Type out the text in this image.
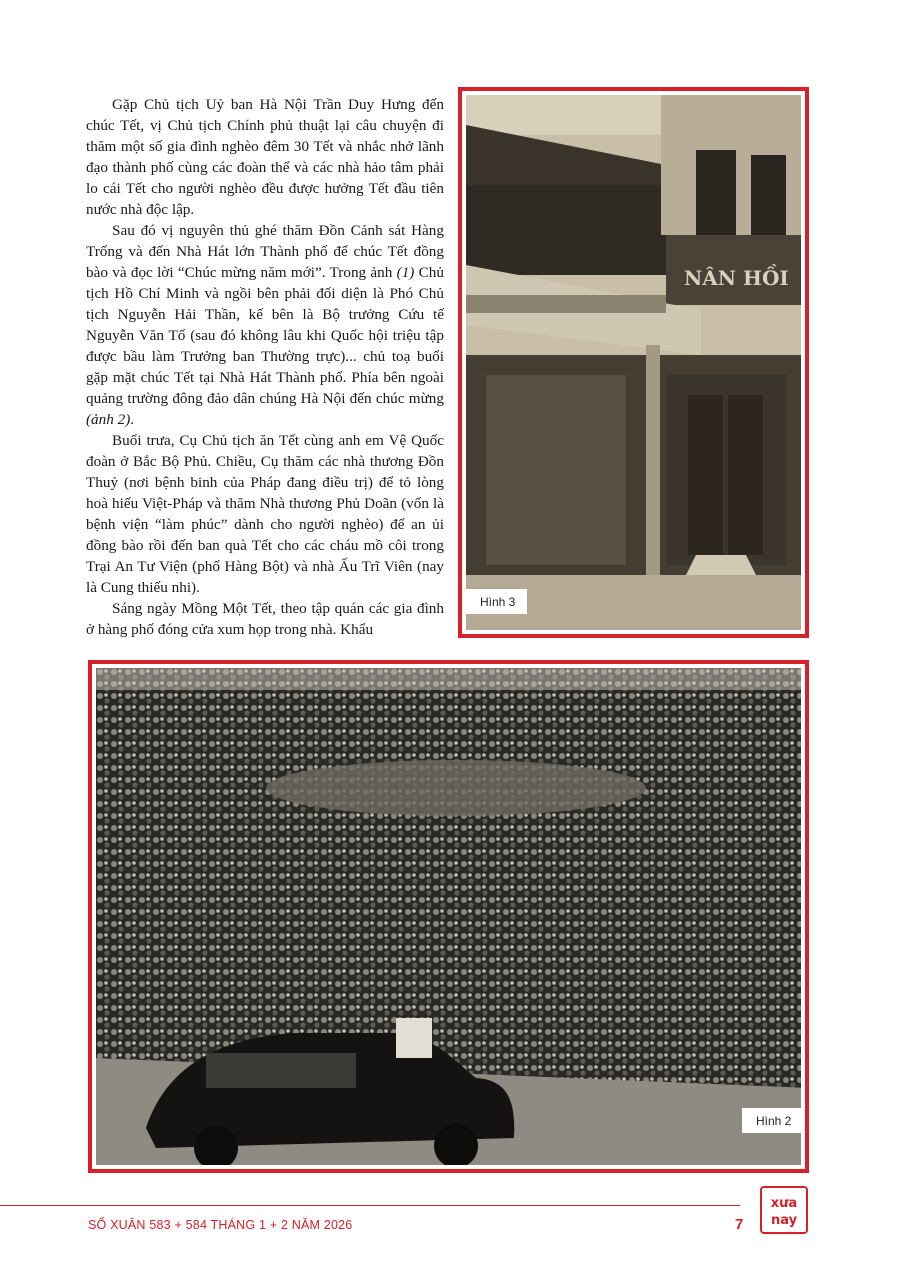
Gặp Chủ tịch Uỷ ban Hà Nội Trần Duy Hưng đến chúc Tết, vị Chủ tịch Chính phủ thuật lại câu chuyện đi thăm một số gia đình nghèo đêm 30 Tết và nhắc nhở lãnh đạo thành phố cùng các đoàn thể và các nhà hảo tâm phải lo cái Tết cho người nghèo đều được hưởng Tết đầu tiên nước nhà độc lập.

Sau đó vị nguyên thủ ghé thăm Đồn Cảnh sát Hàng Trống và đến Nhà Hát lớn Thành phố để chúc Tết đồng bào và đọc lời “Chúc mừng năm mới”. Trong ảnh (1) Chủ tịch Hồ Chí Minh và ngồi bên phải đối diện là Phó Chủ tịch Nguyễn Hải Thần, kế bên là Bộ trưởng Cứu tế Nguyễn Văn Tố (sau đó không lâu khi Quốc hội triệu tập được bầu làm Trưởng ban Thường trực)... chủ toạ buổi gặp mặt chúc Tết tại Nhà Hát Thành phố. Phía bên ngoài quảng trường đông đảo dân chúng Hà Nội đến chúc mừng (ảnh 2).

Buổi trưa, Cụ Chủ tịch ăn Tết cùng anh em Vệ Quốc đoàn ở Bắc Bộ Phủ. Chiều, Cụ thăm các nhà thương Đồn Thuỷ (nơi bệnh binh của Pháp đang điều trị) để tỏ lòng hoà hiếu Việt-Pháp và thăm Nhà thương Phủ Doãn (vốn là bệnh viện “làm phúc” dành cho người nghèo) để an ủi đồng bào rồi đến ban quà Tết cho các cháu mồ côi trong Trại An Tư Viện (phố Hàng Bột) và nhà Ấu Trĩ Viên (nay là Cung thiếu nhi).

Sáng ngày Mồng Một Tết, theo tập quán các gia đình ở hàng phố đóng cửa xum họp trong nhà. Khẩu

NÂN HỒI
Hình 3
Hình 2
SỐ XUÂN 583 + 584 THÁNG 1 + 2 NĂM 2026	7
xưa
nay
